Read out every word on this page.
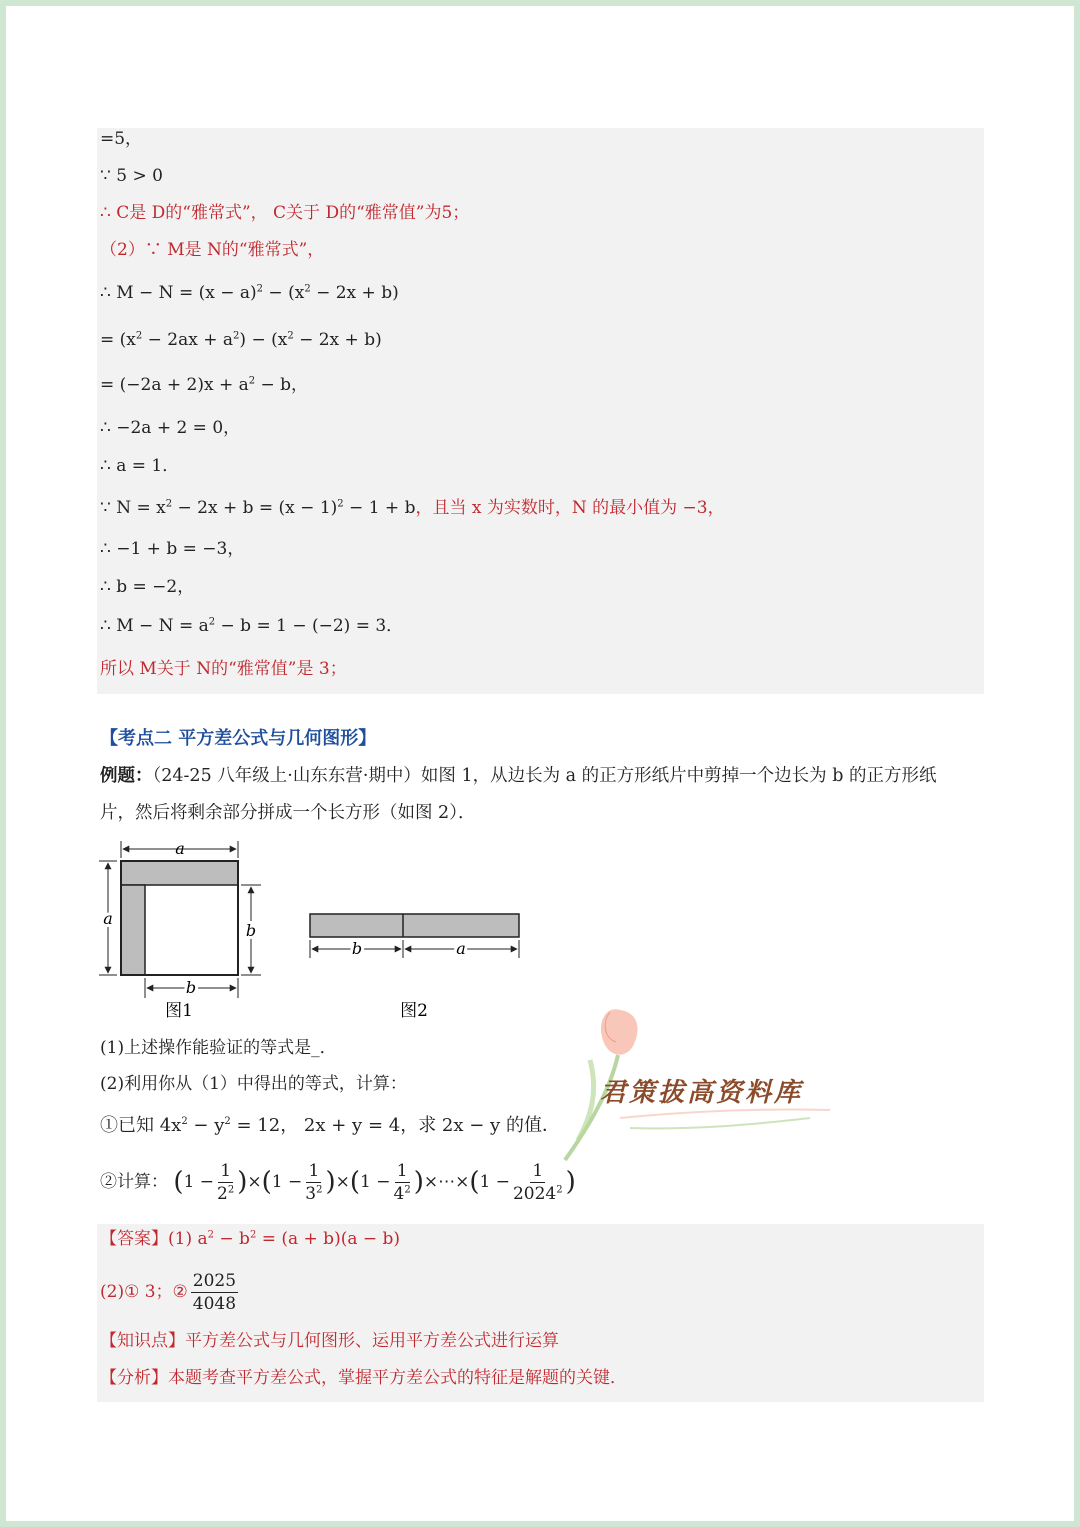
=5，
∵ 5 > 0
∴ C是 D的“雅常式”， C关于 D的“雅常值”为5；
（2）∵ M是 N的“雅常式”，
∴ $M - N = (x - a)^2 - (x^2 - 2x + b)$
= $(x^2 - 2ax + a^2) - (x^2 - 2x + b)$
= $(-2a + 2)x + a^2 - b$，
∴ −2a + 2 = 0，
∴ a = 1．
∵ $N = x^2 - 2x + b = (x - 1)^2 - 1 + b$，且当 x 为实数时，N 的最小值为 −3，
∴ −1 + b = −3，
∴ b = −2，
∴ $M - N = a^2 - b = 1 - (-2) = 3$．
所以 M关于 N的“雅常值”是 3；
【考点二 平方差公式与几何图形】
例题：（24-25 八年级上·山东东营·期中）如图 1，从边长为 a 的正方形纸片中剪掉一个边长为 b 的正方形纸
片，然后将剩余部分拼成一个长方形（如图 2）．
a
a
b
b
图1
b	a
图2
(1)上述操作能验证的等式是_．
(2)利用你从（1）中得出的等式，计算：
①已知 $4x^2 - y^2 = 12$， 2x + y = 4，求 2x − y 的值．
②计算： $(1 - \frac{1}{2^2} )\times(1 - \frac{1}{3^2} )\times(1 - \frac{1}{4^2}$ )×⋯×(1 − $\frac{1}{2024^2}$ )
【答案】(1) $a^2 - b^2 = (a + b)(a - b)$
(2)① 3；② $\frac{2025}{4048}$
【知识点】平方差公式与几何图形、运用平方差公式进行运算
【分析】本题考查平方差公式，掌握平方差公式的特征是解题的关键．
君策拔高资料库
